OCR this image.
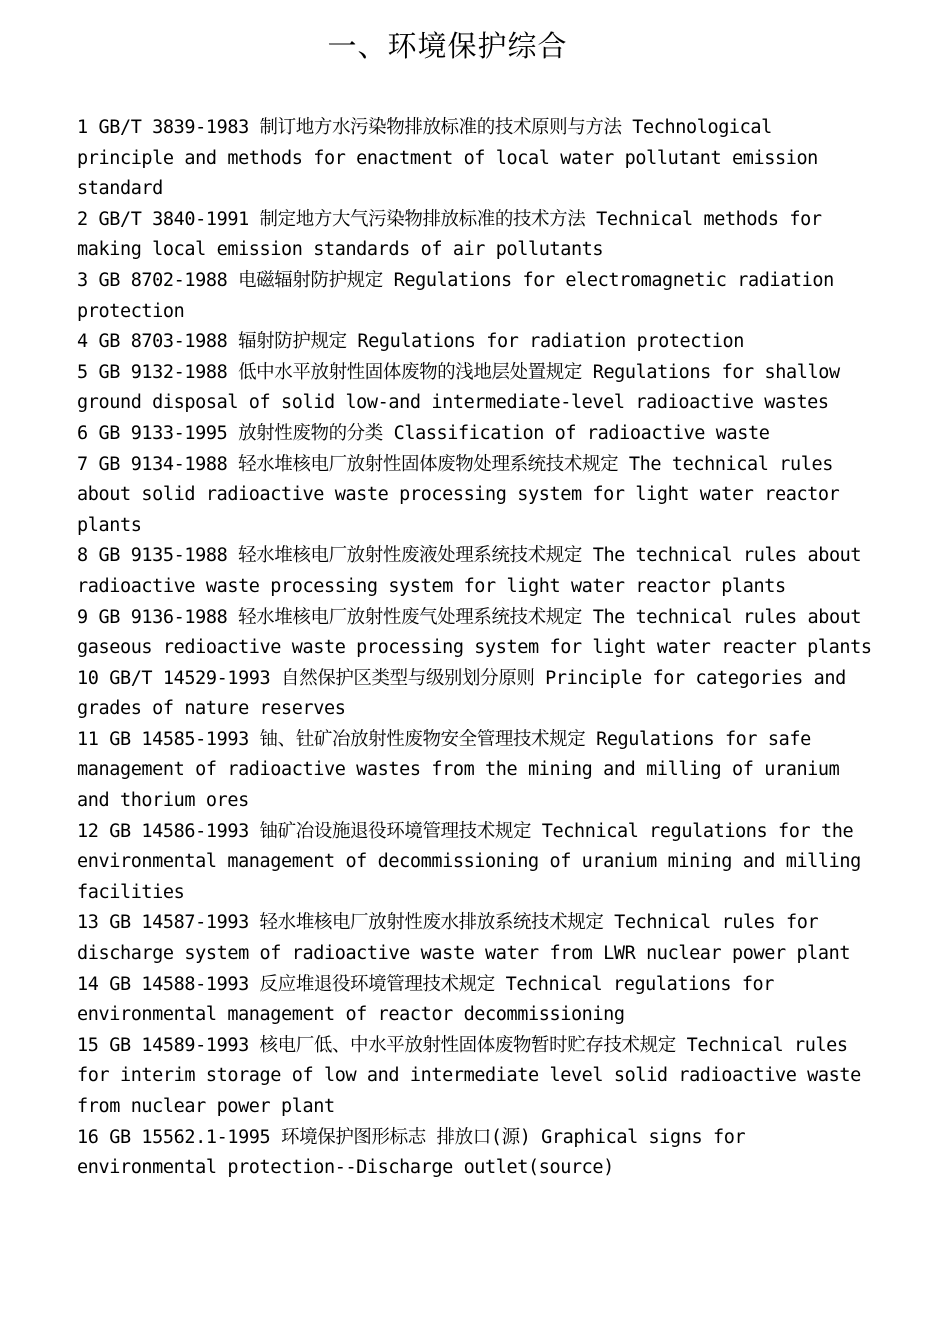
一、环境保护综合
1 GB/T 3839-1983 制订地方水污染物排放标准的技术原则与方法 Technological principle and methods for enactment of local water pollutant emission standard
2 GB/T 3840-1991 制定地方大气污染物排放标准的技术方法 Technical methods for making local emission standards of air pollutants
3 GB 8702-1988 电磁辐射防护规定 Regulations for electromagnetic radiation protection
4 GB 8703-1988 辐射防护规定 Regulations for radiation protection
5 GB 9132-1988 低中水平放射性固体废物的浅地层处置规定 Regulations for shallow ground disposal of solid low-and intermediate-level radioactive wastes
6 GB 9133-1995 放射性废物的分类 Classification of radioactive waste
7 GB 9134-1988 轻水堆核电厂放射性固体废物处理系统技术规定 The technical rules about solid radioactive waste processing system for light water reactor plants
8 GB 9135-1988 轻水堆核电厂放射性废液处理系统技术规定 The technical rules about radioactive waste processing system for light water reactor plants
9 GB 9136-1988 轻水堆核电厂放射性废气处理系统技术规定 The technical rules about gaseous redioactive waste processing system for light water reacter plants
10 GB/T 14529-1993 自然保护区类型与级别划分原则 Principle for categories and grades of nature reserves
11 GB 14585-1993 铀、钍矿冶放射性废物安全管理技术规定 Regulations for safe management of radioactive wastes from the mining and milling of uranium and thorium ores
12 GB 14586-1993 铀矿冶设施退役环境管理技术规定 Technical regulations for the environmental management of decommissioning of uranium mining and milling facilities
13 GB 14587-1993 轻水堆核电厂放射性废水排放系统技术规定 Technical rules for discharge system of radioactive waste water from LWR nuclear power plant
14 GB 14588-1993 反应堆退役环境管理技术规定 Technical regulations for environmental management of reactor decommissioning
15 GB 14589-1993 核电厂低、中水平放射性固体废物暂时贮存技术规定 Technical rules for interim storage of low and intermediate level solid radioactive waste from nuclear power plant
16 GB 15562.1-1995 环境保护图形标志 排放口(源) Graphical signs for environmental protection--Discharge outlet(source)
